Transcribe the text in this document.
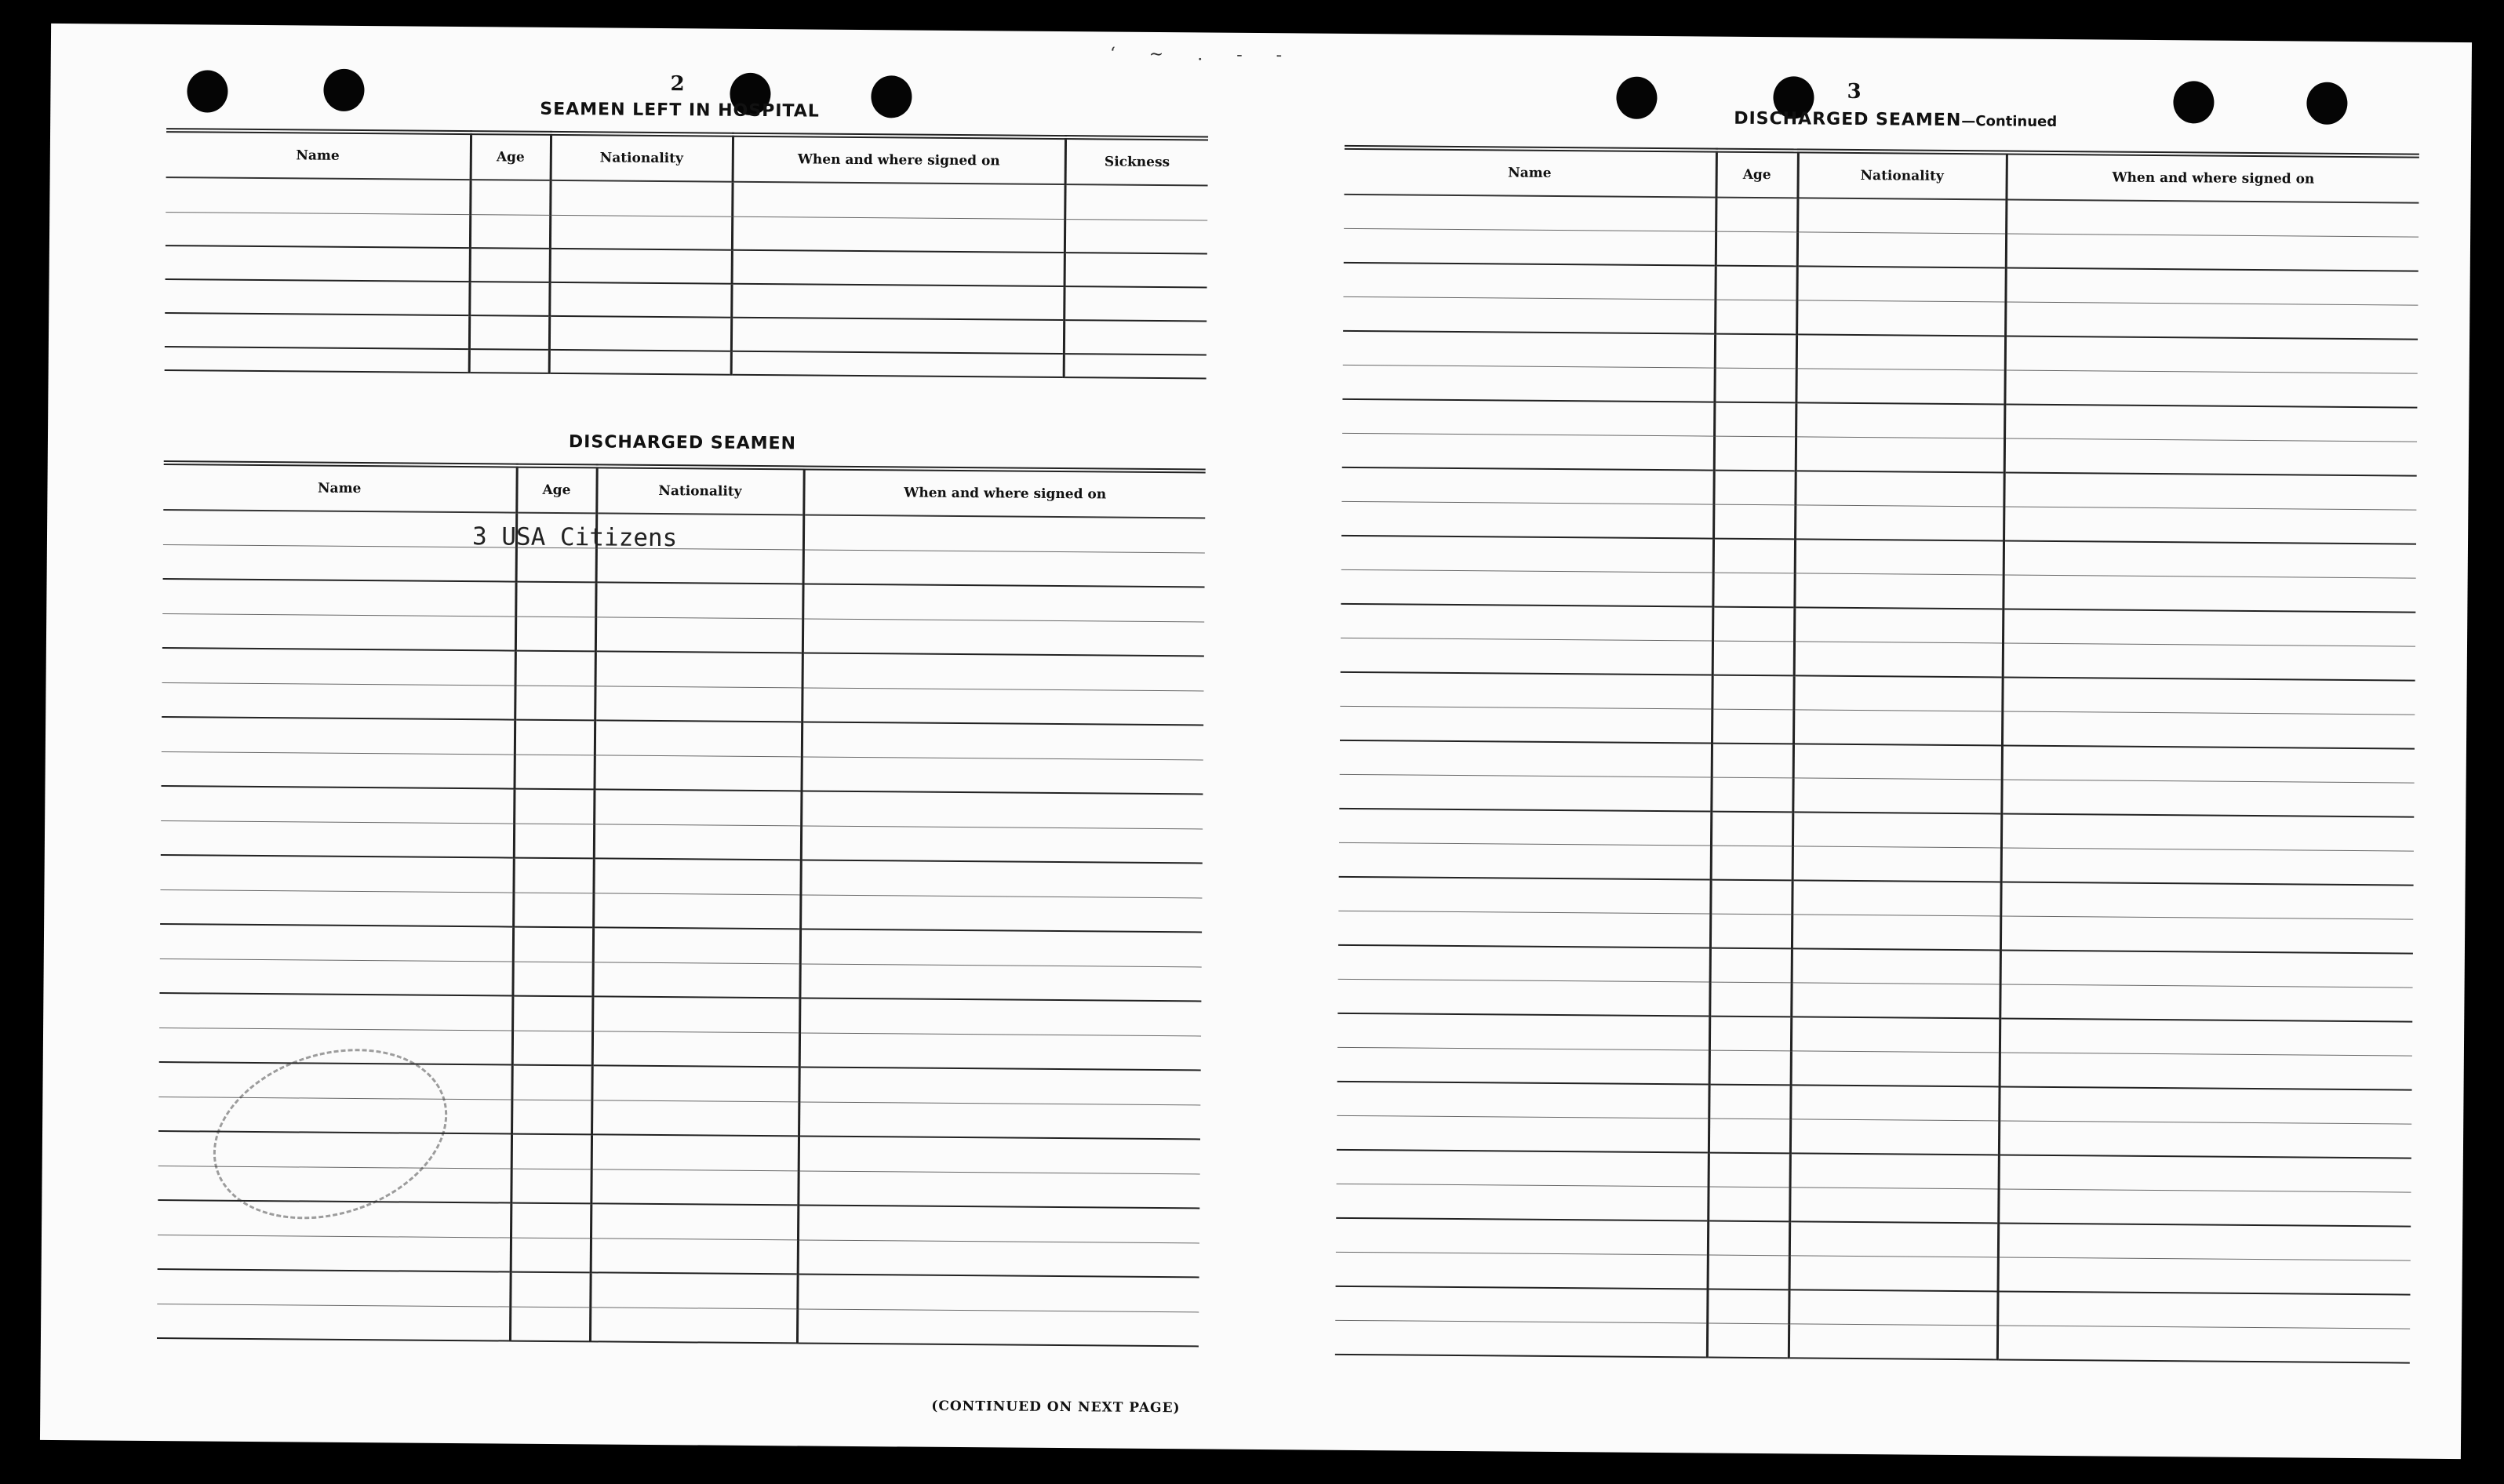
‘ ~ . - -
2
SEAMEN LEFT IN HOSPITAL
Name	Age	Nationality	When and where signed on	Sickness

DISCHARGED SEAMEN
Name	Age	Nationality	When and where signed on

3 USA Citizens
(CONTINUED ON NEXT PAGE)
3
DISCHARGED SEAMEN—Continued
Name	Age	Nationality	When and where signed on
